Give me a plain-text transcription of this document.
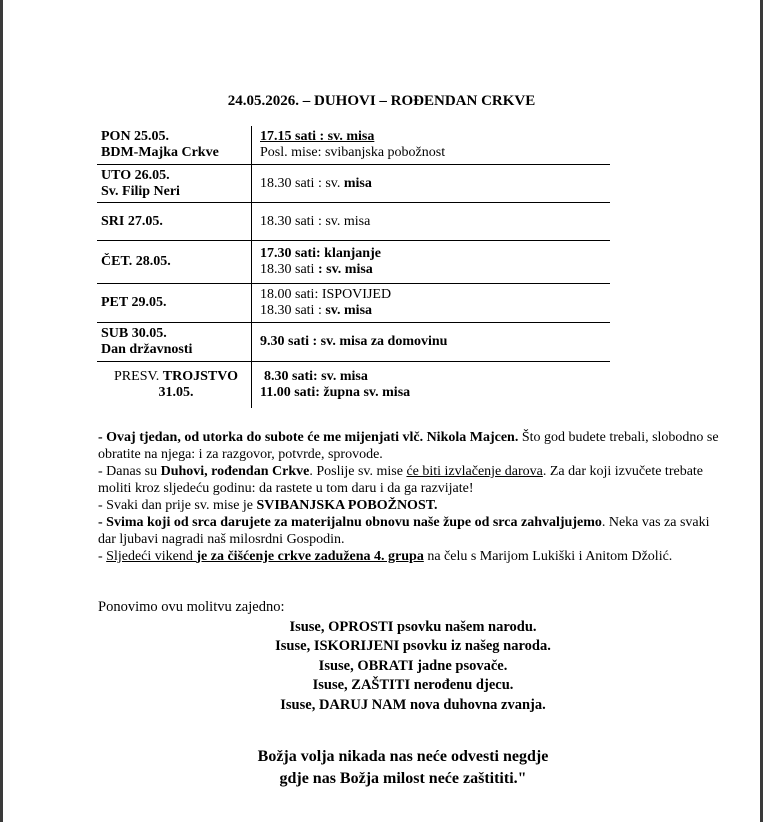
24.05.2026. – DUHOVI – ROĐENDAN CRKVE
PON 25.05.
BDM-Majka Crkve
17.15 sati : sv. misa
Posl. mise: svibanjska pobožnost
UTO 26.05.
Sv. Filip Neri
18.30 sati : sv. misa
SRI 27.05.	18.30 sati : sv. misa
ČET. 28.05.
17.30 sati: klanjanje
18.30 sati : sv. misa
PET 29.05.
18.00 sati: ISPOVIJED
18.30 sati : sv. misa
SUB 30.05.
Dan državnosti
9.30 sati : sv. misa za domovinu
PRESV. TROJSTVO
31.05.
8.30 sati: sv. misa
11.00 sati: župna sv. misa

- Ovaj tjedan, od utorka do subote će me mijenjati vlč. Nikola Majcen. Što god budete trebali, slobodno se obratite na njega: i za razgovor, potvrde, sprovode.

- Danas su Duhovi, rođendan Crkve. Poslije sv. mise će biti izvlačenje darova. Za dar koji izvučete trebate moliti kroz sljedeću godinu: da rastete u tom daru i da ga razvijate!

- Svaki dan prije sv. mise je SVIBANJSKA POBOŽNOST.

- Svima koji od srca darujete za materijalnu obnovu naše župe od srca zahvaljujemo. Neka vas za svaki dar ljubavi nagradi naš milosrdni Gospodin.

- Sljedeći vikend je za čišćenje crkve zadužena 4. grupa na čelu s Marijom Lukiški i Anitom Džolić.

Ponovimo ovu molitvu zajedno:

Isuse, OPROSTI psovku našem narodu.

Isuse, ISKORIJENI psovku iz našeg naroda.

Isuse, OBRATI jadne psovače.

Isuse, ZAŠTITI nerođenu djecu.

Isuse, DARUJ NAM nova duhovna zvanja.

Božja volja nikada nas neće odvesti negdje

gdje nas Božja milost neće zaštititi."
